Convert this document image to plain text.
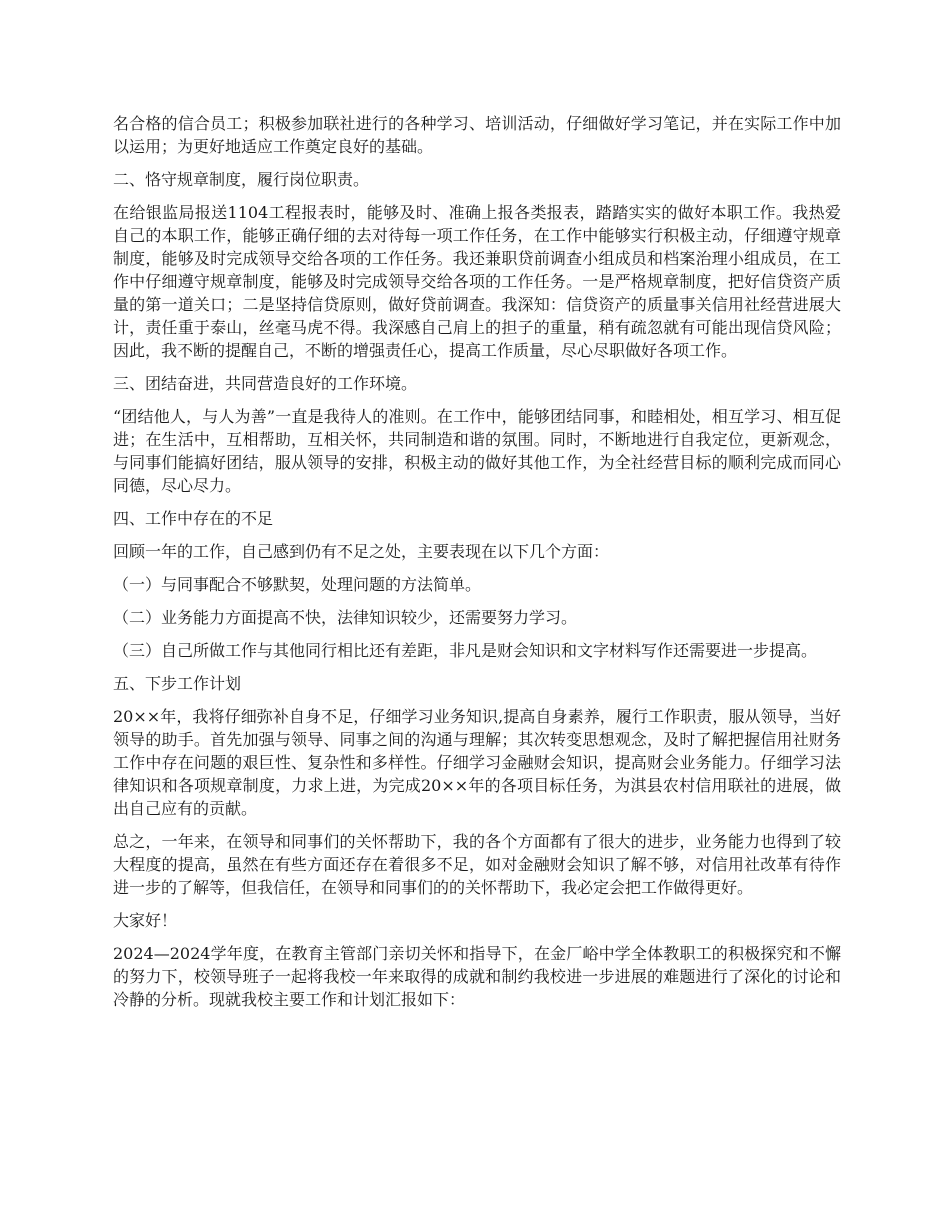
名合格的信合员工；积极参加联社进行的各种学习、培训活动，仔细做好学习笔记，并在实际工作中加以运用；为更好地适应工作奠定良好的基础。

二、恪守规章制度，履行岗位职责。

在给银监局报送1104工程报表时，能够及时、准确上报各类报表，踏踏实实的做好本职工作。我热爱自己的本职工作，能够正确仔细的去对待每一项工作任务，在工作中能够实行积极主动，仔细遵守规章制度，能够及时完成领导交给各项的工作任务。我还兼职贷前调查小组成员和档案治理小组成员，在工作中仔细遵守规章制度，能够及时完成领导交给各项的工作任务。一是严格规章制度，把好信贷资产质量的第一道关口；二是坚持信贷原则，做好贷前调查。我深知：信贷资产的质量事关信用社经营进展大计，责任重于泰山，丝毫马虎不得。我深感自己肩上的担子的重量，稍有疏忽就有可能出现信贷风险；因此，我不断的提醒自己，不断的增强责任心，提高工作质量，尽心尽职做好各项工作。

三、团结奋进，共同营造良好的工作环境。

“团结他人，与人为善”一直是我待人的准则。在工作中，能够团结同事，和睦相处，相互学习、相互促进；在生活中，互相帮助，互相关怀，共同制造和谐的氛围。同时，不断地进行自我定位，更新观念，与同事们能搞好团结，服从领导的安排，积极主动的做好其他工作，为全社经营目标的顺利完成而同心同德，尽心尽力。

四、工作中存在的不足

回顾一年的工作，自己感到仍有不足之处，主要表现在以下几个方面：

（一）与同事配合不够默契，处理问题的方法简单。

（二）业务能力方面提高不快，法律知识较少，还需要努力学习。

（三）自己所做工作与其他同行相比还有差距，非凡是财会知识和文字材料写作还需要进一步提高。

五、下步工作计划

20××年，我将仔细弥补自身不足，仔细学习业务知识,提高自身素养，履行工作职责，服从领导，当好领导的助手。首先加强与领导、同事之间的沟通与理解；其次转变思想观念，及时了解把握信用社财务工作中存在问题的艰巨性、复杂性和多样性。仔细学习金融财会知识，提高财会业务能力。仔细学习法律知识和各项规章制度，力求上进，为完成20××年的各项目标任务，为淇县农村信用联社的进展，做出自己应有的贡献。

总之，一年来，在领导和同事们的关怀帮助下，我的各个方面都有了很大的进步，业务能力也得到了较大程度的提高，虽然在有些方面还存在着很多不足，如对金融财会知识了解不够，对信用社改革有待作进一步的了解等，但我信任，在领导和同事们的的关怀帮助下，我必定会把工作做得更好。

大家好！

2024—2024学年度，在教育主管部门亲切关怀和指导下，在金厂峪中学全体教职工的积极探究和不懈的努力下，校领导班子一起将我校一年来取得的成就和制约我校进一步进展的难题进行了深化的讨论和冷静的分析。现就我校主要工作和计划汇报如下：
